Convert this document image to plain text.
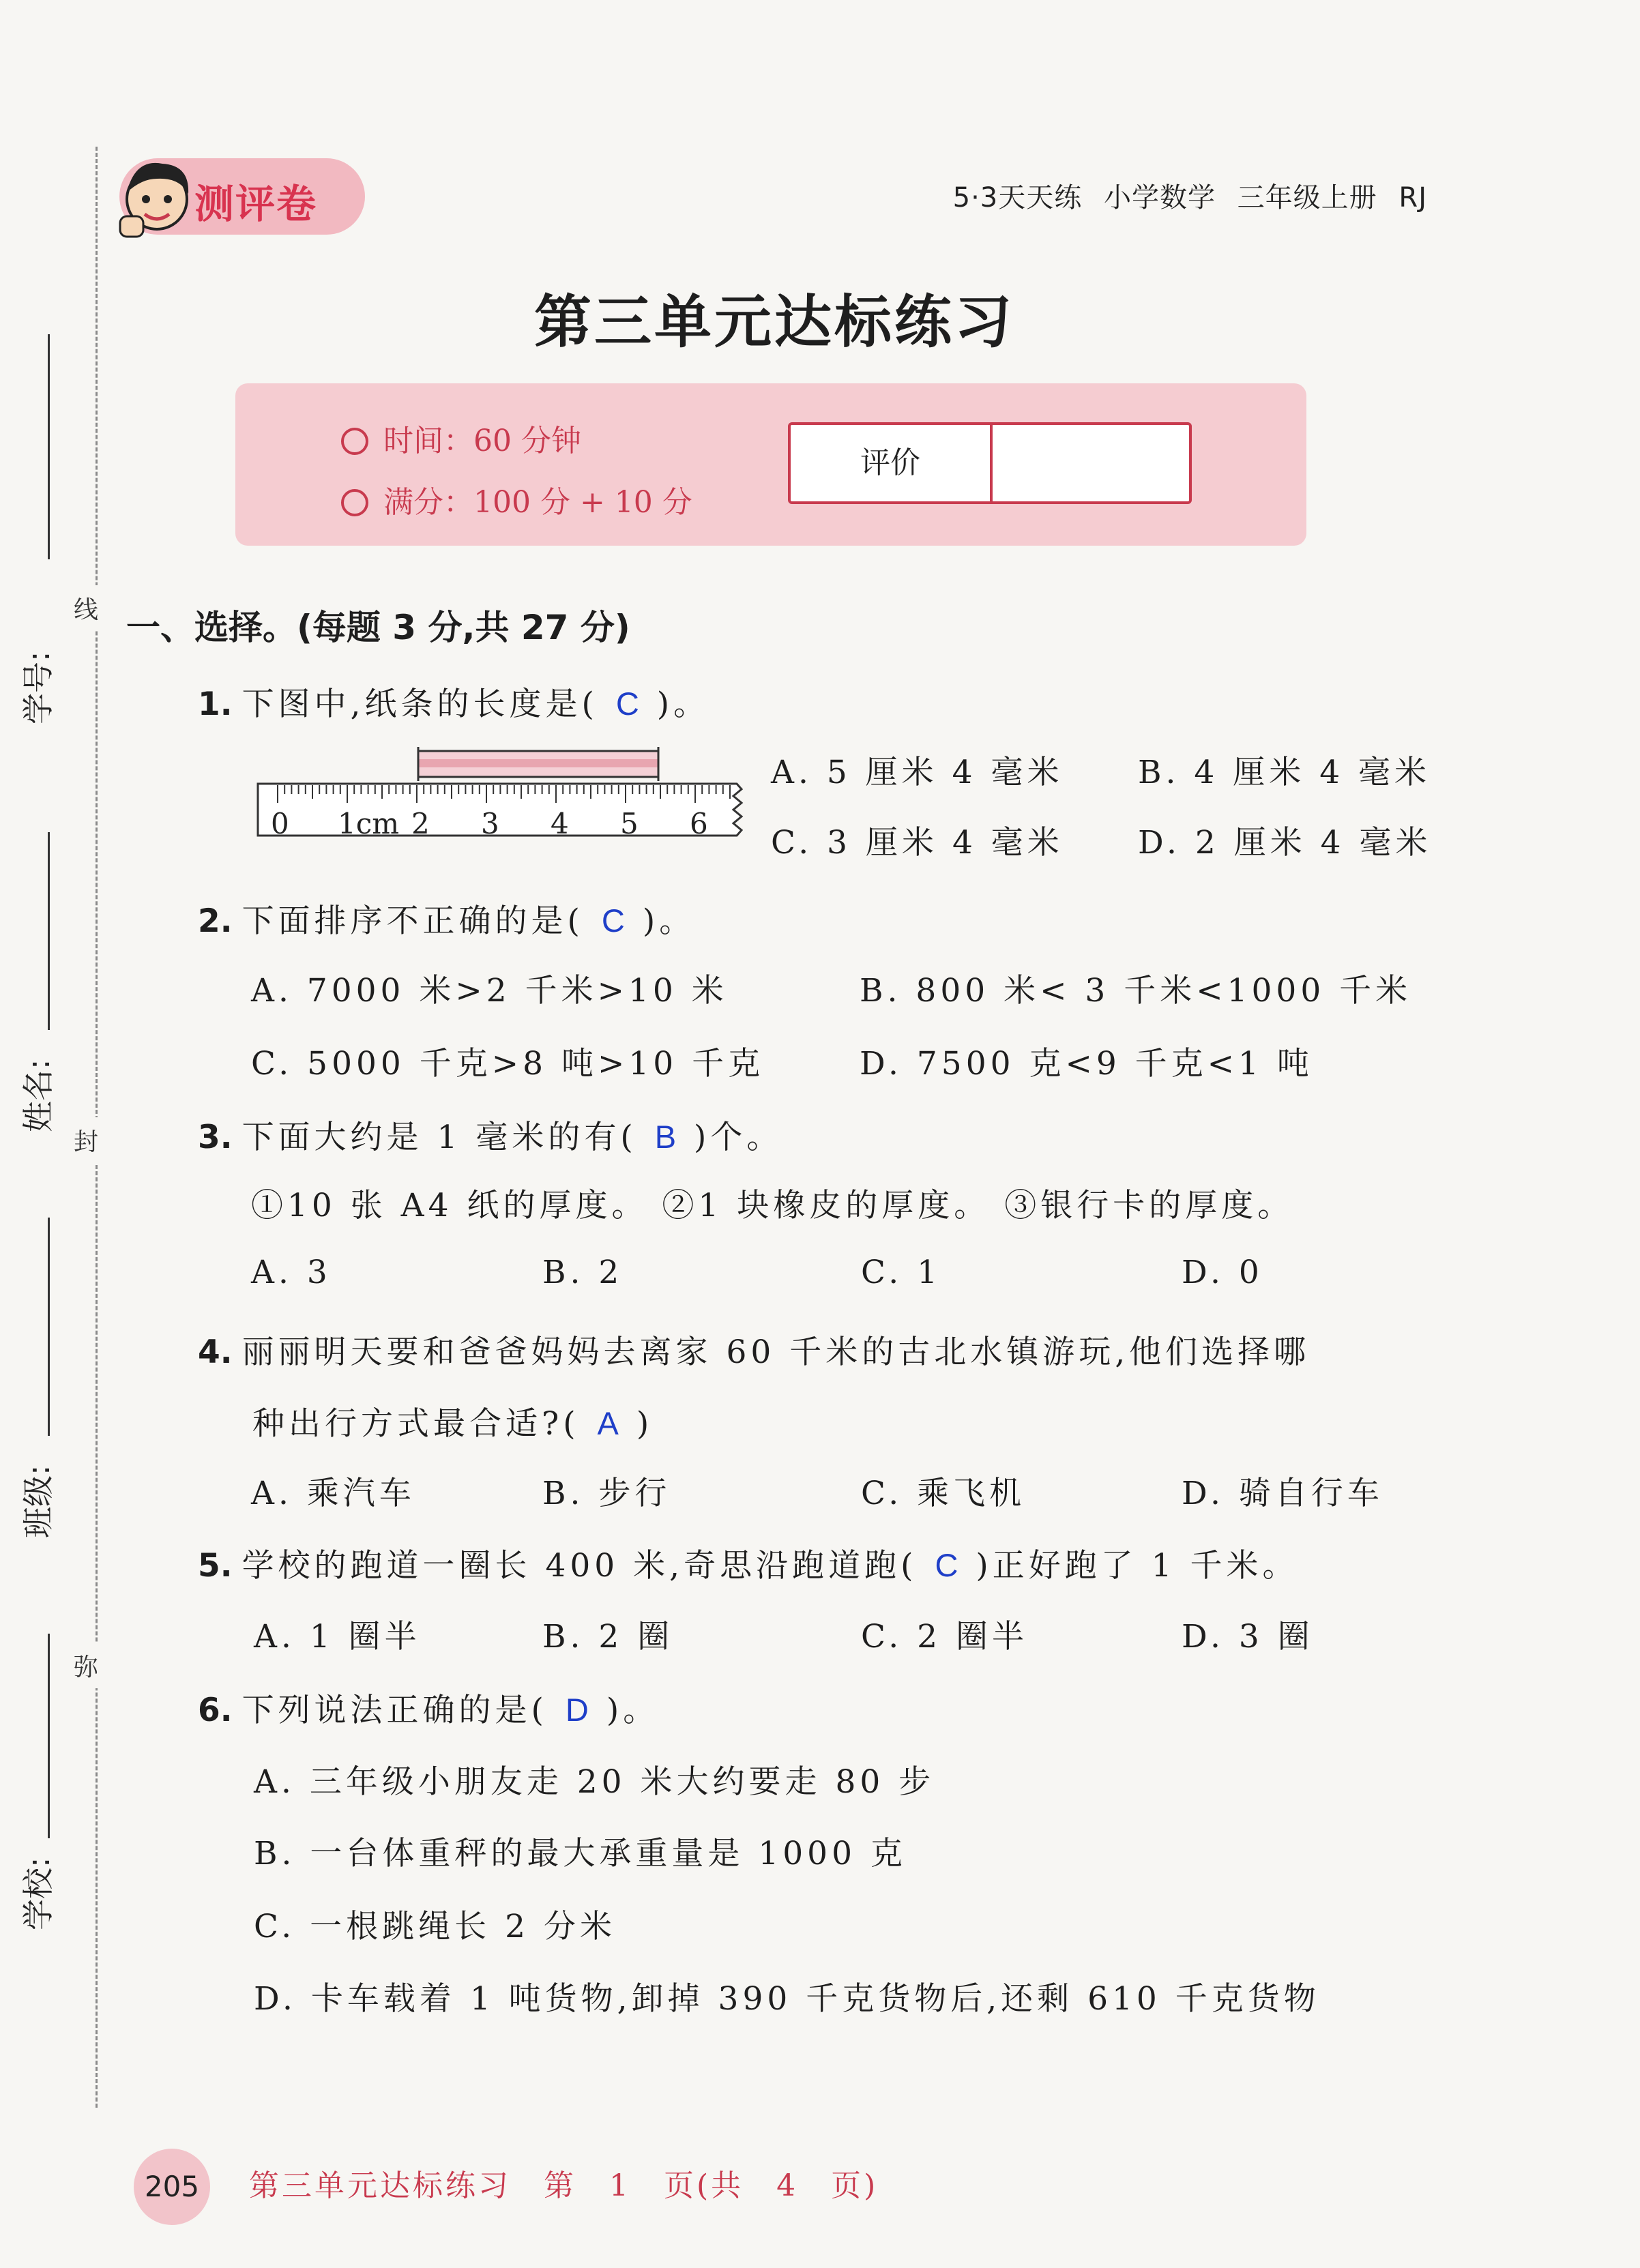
线
封
弥
学号:
姓名:
班级:
学校:
测评卷	5·3天天练 小学数学 三年级上册 RJ
第三单元达标练习
时间：60 分钟
满分：100 分 + 10 分
评价
一、选择。(每题 3 分,共 27 分)
1. 下图中,纸条的长度是( C )。
0 1cm 2 3 4 5 6
A. 5 厘米 4 毫米 B. 4 厘米 4 毫米
C. 3 厘米 4 毫米 D. 2 厘米 4 毫米
2. 下面排序不正确的是( C )。
A. 7000 米>2 千米>10 米	B. 800 米< 3 千米<1000 千米
C. 5000 千克>8 吨>10 千克	D. 7500 克<9 千克<1 吨
3. 下面大约是 1 毫米的有( B )个。
①10 张 A4 纸的厚度。 ②1 块橡皮的厚度。 ③银行卡的厚度。
A. 3	B. 2	C. 1	D. 0
4. 丽丽明天要和爸爸妈妈去离家 60 千米的古北水镇游玩,他们选择哪
种出行方式最合适?( A )
A. 乘汽车	B. 步行	C. 乘飞机	D. 骑自行车
5. 学校的跑道一圈长 400 米,奇思沿跑道跑( C )正好跑了 1 千米。
A. 1 圈半	B. 2 圈	C. 2 圈半	D. 3 圈
6. 下列说法正确的是( D )。
A. 三年级小朋友走 20 米大约要走 80 步
B. 一台体重秤的最大承重量是 1000 克
C. 一根跳绳长 2 分米
D. 卡车载着 1 吨货物,卸掉 390 千克货物后,还剩 610 千克货物
205	第三单元达标练习 第 1 页(共 4 页)
